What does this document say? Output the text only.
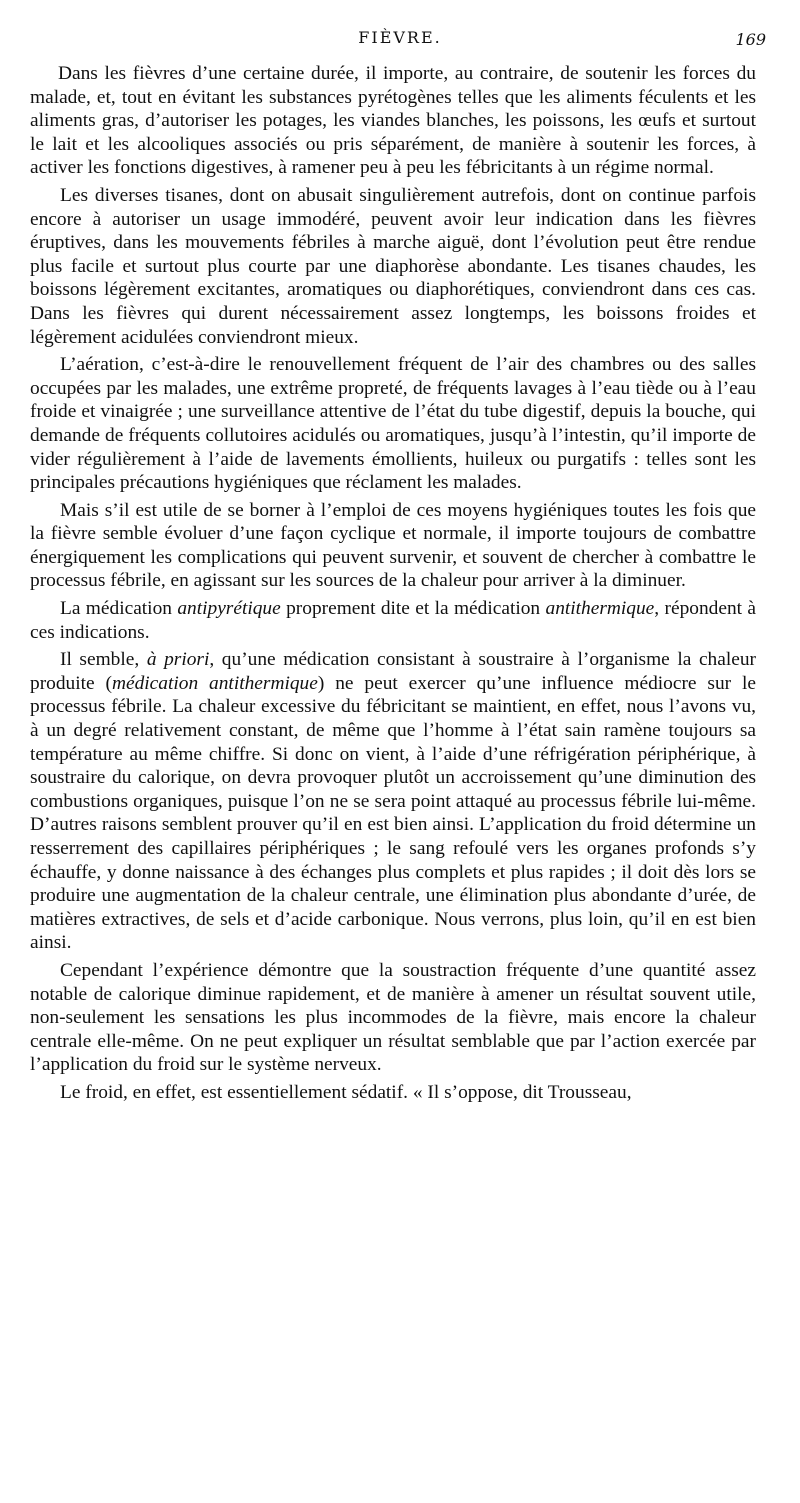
FIÈVRE.	169

Dans les fièvres d’une certaine durée, il importe, au contraire, de soutenir les forces du malade, et, tout en évitant les substances pyrétogènes telles que les aliments féculents et les aliments gras, d’autoriser les potages, les viandes blanches, les poissons, les œufs et surtout le lait et les alcooliques associés ou pris séparément, de manière à soutenir les forces, à activer les fonctions digestives, à ramener peu à peu les fébricitants à un régime normal.

Les diverses tisanes, dont on abusait singulièrement autrefois, dont on continue parfois encore à autoriser un usage immodéré, peuvent avoir leur indication dans les fièvres éruptives, dans les mouvements fébriles à marche aiguë, dont l’évolution peut être rendue plus facile et surtout plus courte par une diaphorèse abondante. Les tisanes chaudes, les boissons légèrement excitantes, aromatiques ou diaphorétiques, conviendront dans ces cas. Dans les fièvres qui durent nécessairement assez longtemps, les boissons froides et légèrement acidulées conviendront mieux.

L’aération, c’est-à-dire le renouvellement fréquent de l’air des chambres ou des salles occupées par les malades, une extrême propreté, de fréquents lavages à l’eau tiède ou à l’eau froide et vinaigrée ; une surveillance attentive de l’état du tube digestif, depuis la bouche, qui demande de fréquents collutoires acidulés ou aromatiques, jusqu’à l’intestin, qu’il importe de vider régulièrement à l’aide de lavements émollients, huileux ou purgatifs : telles sont les principales précautions hygiéniques que réclament les malades.

Mais s’il est utile de se borner à l’emploi de ces moyens hygiéniques toutes les fois que la fièvre semble évoluer d’une façon cyclique et normale, il importe toujours de combattre énergiquement les complications qui peuvent survenir, et souvent de chercher à combattre le processus fébrile, en agissant sur les sources de la chaleur pour arriver à la diminuer.

La médication antipyrétique proprement dite et la médication antithermique, répondent à ces indications.

Il semble, à priori, qu’une médication consistant à soustraire à l’organisme la chaleur produite (médication antithermique) ne peut exercer qu’une influence médiocre sur le processus fébrile. La chaleur excessive du fébricitant se maintient, en effet, nous l’avons vu, à un degré relativement constant, de même que l’homme à l’état sain ramène toujours sa température au même chiffre. Si donc on vient, à l’aide d’une réfrigération périphérique, à soustraire du calorique, on devra provoquer plutôt un accroissement qu’une diminution des combustions organiques, puisque l’on ne se sera point attaqué au processus fébrile lui-même. D’autres raisons semblent prouver qu’il en est bien ainsi. L’application du froid détermine un resserrement des capillaires périphériques ; le sang refoulé vers les organes profonds s’y échauffe, y donne naissance à des échanges plus complets et plus rapides ; il doit dès lors se produire une augmentation de la chaleur centrale, une élimination plus abondante d’urée, de matières extractives, de sels et d’acide carbonique. Nous verrons, plus loin, qu’il en est bien ainsi.

Cependant l’expérience démontre que la soustraction fréquente d’une quantité assez notable de calorique diminue rapidement, et de manière à amener un résultat souvent utile, non-seulement les sensations les plus incommodes de la fièvre, mais encore la chaleur centrale elle-même. On ne peut expliquer un résultat semblable que par l’action exercée par l’application du froid sur le système nerveux.

Le froid, en effet, est essentiellement sédatif. « Il s’oppose, dit Trousseau,
